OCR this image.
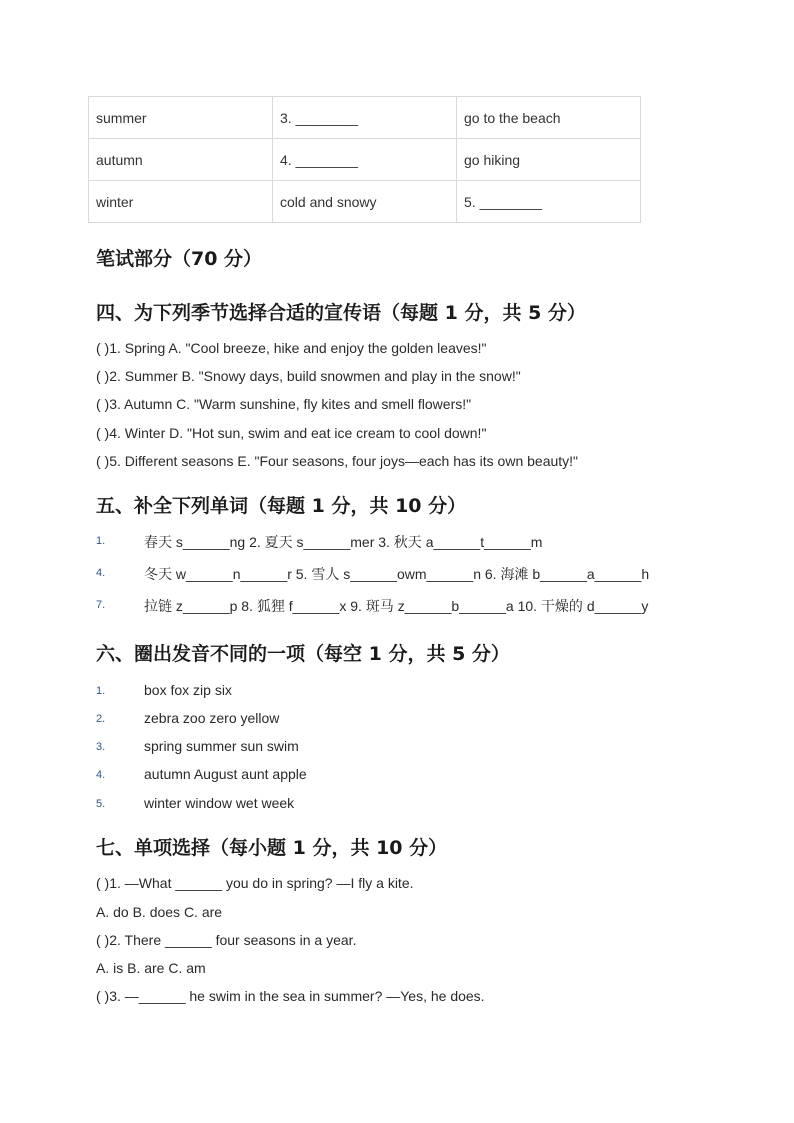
summer	3. ________	go to the beach
autumn	4. ________	go hiking
winter	cold and snowy	5. ________

笔试部分（70 分）

四、为下列季节选择合适的宣传语（每题 1 分，共 5 分）

( )1. Spring A. "Cool breeze, hike and enjoy the golden leaves!"

( )2. Summer B. "Snowy days, build snowmen and play in the snow!"

( )3. Autumn C. "Warm sunshine, fly kites and smell flowers!"

( )4. Winter D. "Hot sun, swim and eat ice cream to cool down!"

( )5. Different seasons E. "Four seasons, four joys—each has its own beauty!"

五、补全下列单词（每题 1 分，共 10 分）

1.	春天 s______ng 2. 夏天 s______mer 3. 秋天 a______t______m

4.	冬天 w______n______r 5. 雪人 s______owm______n 6. 海滩 b______a______h

7.	拉链 z______p 8. 狐狸 f______x 9. 斑马 z______b______a 10. 干燥的 d______y

六、圈出发音不同的一项（每空 1 分，共 5 分）

1.	box fox zip six

2.	zebra zoo zero yellow

3.	spring summer sun swim

4.	autumn August aunt apple

5.	winter window wet week

七、单项选择（每小题 1 分，共 10 分）

( )1. —What ______ you do in spring? —I fly a kite.

A. do B. does C. are

( )2. There ______ four seasons in a year.

A. is B. are C. am

( )3. —______ he swim in the sea in summer? —Yes, he does.
